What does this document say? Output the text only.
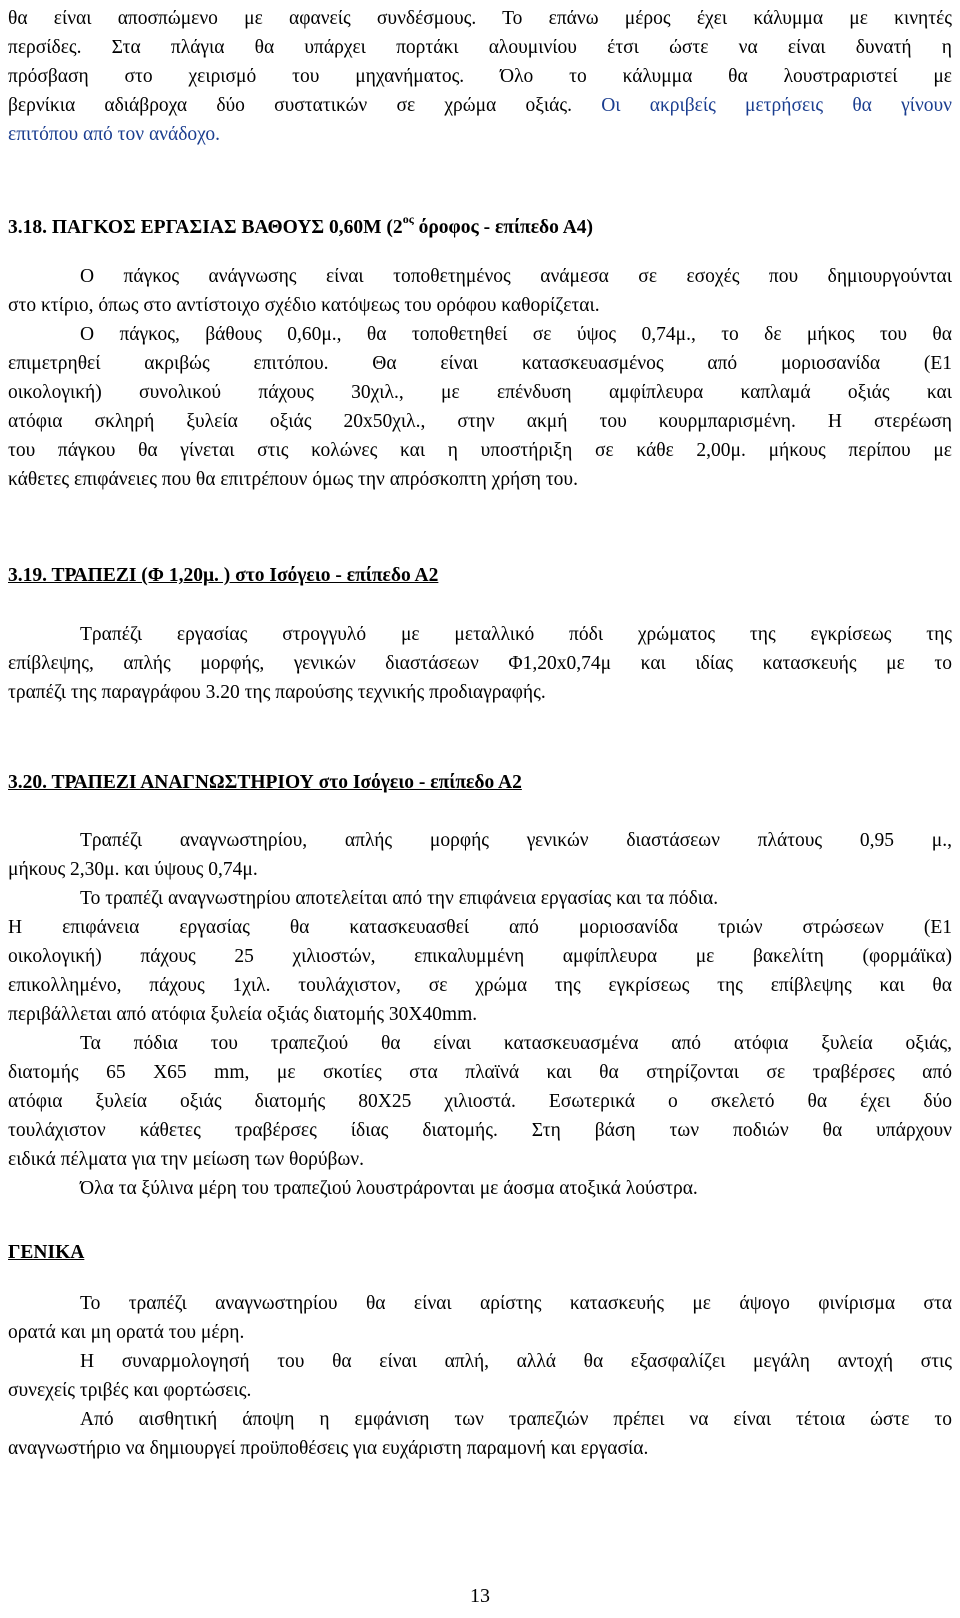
θα είναι αποσπώμενο με αφανείς συνδέσμους. Το επάνω μέρος έχει κάλυμμα με κινητές

περσίδες. Στα πλάγια θα υπάρχει πορτάκι αλουμινίου έτσι ώστε να είναι δυνατή η

πρόσβαση στο χειρισμό του μηχανήματος. Όλο το κάλυμμα θα λουστραριστεί με

βερνίκια αδιάβροχα δύο συστατικών σε χρώμα οξιάς. Οι ακριβείς μετρήσεις θα γίνουν

επιτόπου από τον ανάδοχο.

3.18. ΠΑΓΚΟΣ ΕΡΓΑΣΙΑΣ ΒΑΘΟΥΣ 0,60Μ ($2^{o\varsigma}$ όροφος - επίπεδο Α4)

Ο πάγκος ανάγνωσης είναι τοποθετημένος ανάμεσα σε εσοχές που δημιουργούνται

στο κτίριο, όπως στο αντίστοιχο σχέδιο κατόψεως του ορόφου καθορίζεται.

Ο πάγκος, βάθους 0,60μ., θα τοποθετηθεί σε ύψος 0,74μ., το δε μήκος του θα

επιμετρηθεί ακριβώς επιτόπου. Θα είναι κατασκευασμένος από μοριοσανίδα (Ε1

οικολογική) συνολικού πάχους 30χιλ., με επένδυση αμφίπλευρα καπλαμά οξιάς και

ατόφια σκληρή ξυλεία οξιάς 20x50χιλ., στην ακμή του κουρμπαρισμένη. Η στερέωση

του πάγκου θα γίνεται στις κολώνες και η υποστήριξη σε κάθε 2,00μ. μήκους περίπου με

κάθετες επιφάνειες που θα επιτρέπουν όμως την απρόσκοπτη χρήση του.

3.19. ΤΡΑΠΕΖΙ (Φ 1,20μ. ) στο Ισόγειο - επίπεδο Α2

Τραπέζι εργασίας στρογγυλό με μεταλλικό πόδι χρώματος της εγκρίσεως της

επίβλεψης, απλής μορφής, γενικών διαστάσεων Φ1,20x0,74μ και ιδίας κατασκευής με το

τραπέζι της παραγράφου 3.20 της παρούσης τεχνικής προδιαγραφής.

3.20. ΤΡΑΠΕΖΙ ΑΝΑΓΝΩΣΤΗΡΙΟΥ στο Ισόγειο - επίπεδο Α2

Τραπέζι αναγνωστηρίου, απλής μορφής γενικών διαστάσεων πλάτους 0,95 μ.,

μήκους 2,30μ. και ύψους 0,74μ.

Το τραπέζι αναγνωστηρίου αποτελείται από την επιφάνεια εργασίας και τα πόδια.

Η επιφάνεια εργασίας θα κατασκευασθεί από μοριοσανίδα τριών στρώσεων (Ε1

οικολογική) πάχους 25 χιλιοστών, επικαλυμμένη αμφίπλευρα με βακελίτη (φορμάϊκα)

επικολλημένο, πάχους 1χιλ. τουλάχιστον, σε χρώμα της εγκρίσεως της επίβλεψης και θα

περιβάλλεται από ατόφια ξυλεία οξιάς διατομής 30Χ40mm.

Τα πόδια του τραπεζιού θα είναι κατασκευασμένα από ατόφια ξυλεία οξιάς,

διατομής 65 Χ65 mm, με σκοτίες στα πλαϊνά και θα στηρίζονται σε τραβέρσες από

ατόφια ξυλεία οξιάς διατομής 80Χ25 χιλιοστά. Εσωτερικά ο σκελετό θα έχει δύο

τουλάχιστον κάθετες τραβέρσες ίδιας διατομής. Στη βάση των ποδιών θα υπάρχουν

ειδικά πέλματα για την μείωση των θορύβων.

Όλα τα ξύλινα μέρη του τραπεζιού λουστράρονται με άοσμα ατοξικά λούστρα.

ΓΕΝΙΚΑ

Το τραπέζι αναγνωστηρίου θα είναι αρίστης κατασκευής με άψογο φινίρισμα στα

ορατά και μη ορατά του μέρη.

Η συναρμολογησή του θα είναι απλή, αλλά θα εξασφαλίζει μεγάλη αντοχή στις

συνεχείς τριβές και φορτώσεις.

Από αισθητική άποψη η εμφάνιση των τραπεζιών πρέπει να είναι τέτοια ώστε το

αναγνωστήριο να δημιουργεί προϋποθέσεις για ευχάριστη παραμονή και εργασία.

13
